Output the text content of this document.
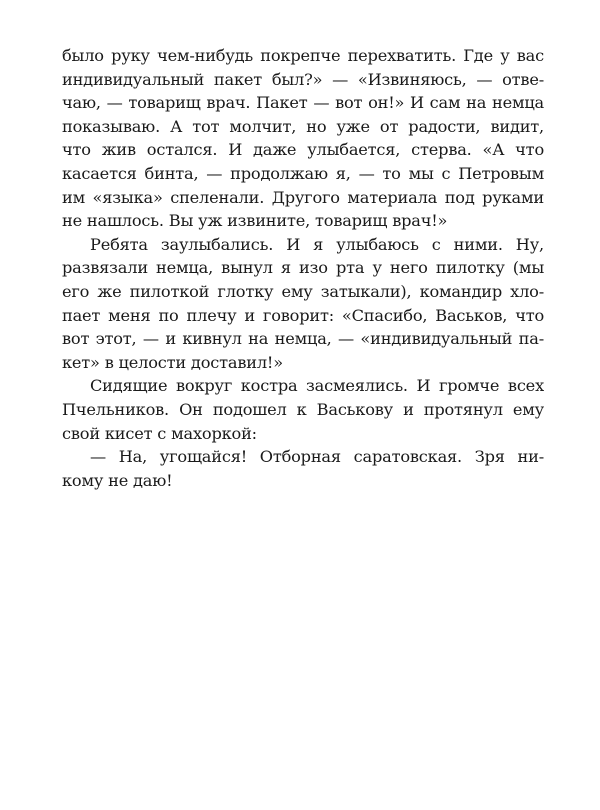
было руку чем-нибудь покрепче перехватить. Где у вас
индивидуальный пакет был?» — «Извиняюсь, — отве-
чаю, — товарищ врач. Пакет — вот он!» И сам на немца
показываю. А тот молчит, но уже от радости, видит,
что жив остался. И даже улыбается, стерва. «А что
касается бинта, — продолжаю я, — то мы с Петровым
им «языка» спеленали. Другого материала под руками
не нашлось. Вы уж извините, товарищ врач!»
Ребята заулыбались. И я улыбаюсь с ними. Ну,
развязали немца, вынул я изо рта у него пилотку (мы
его же пилоткой глотку ему затыкали), командир хло-
пает меня по плечу и говорит: «Спасибо, Васьков, что
вот этот, — и кивнул на немца, — «индивидуальный па-
кет» в целости доставил!»
Сидящие вокруг костра засмеялись. И громче всех
Пчельников. Он подошел к Васькову и протянул ему
свой кисет с махоркой:
— На, угощайся! Отборная саратовская. Зря ни-
кому не даю!
